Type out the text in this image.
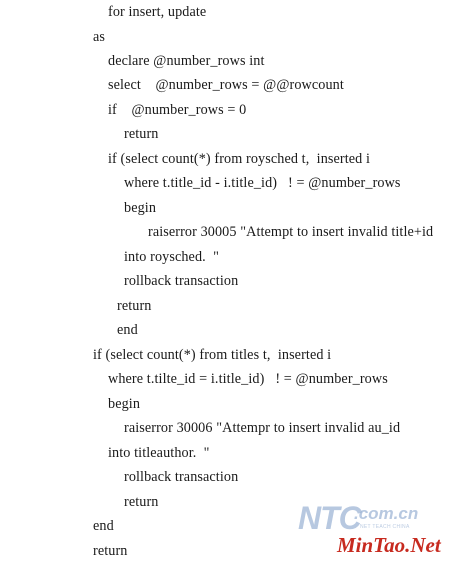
for insert, update
as
declare @number_rows int
select    @number_rows = @@rowcount
if    @number_rows = 0
return
if (select count(*) from roysched t,  inserted i
where t.title_id - i.title_id)   ! = @number_rows
begin
raiserror 30005 "Attempt to insert invalid title+id
into roysched.  "
rollback transaction
return
end
if (select count(*) from titles t,  inserted i
where t.tilte_id = i.title_id)   ! = @number_rows
begin
raiserror 30006 "Attempr to insert invalid au_id
into titleauthor.  "
rollback transaction
return
end
return
NTC
.com.cn
NET TEACH CHINA
MinTao.Net
